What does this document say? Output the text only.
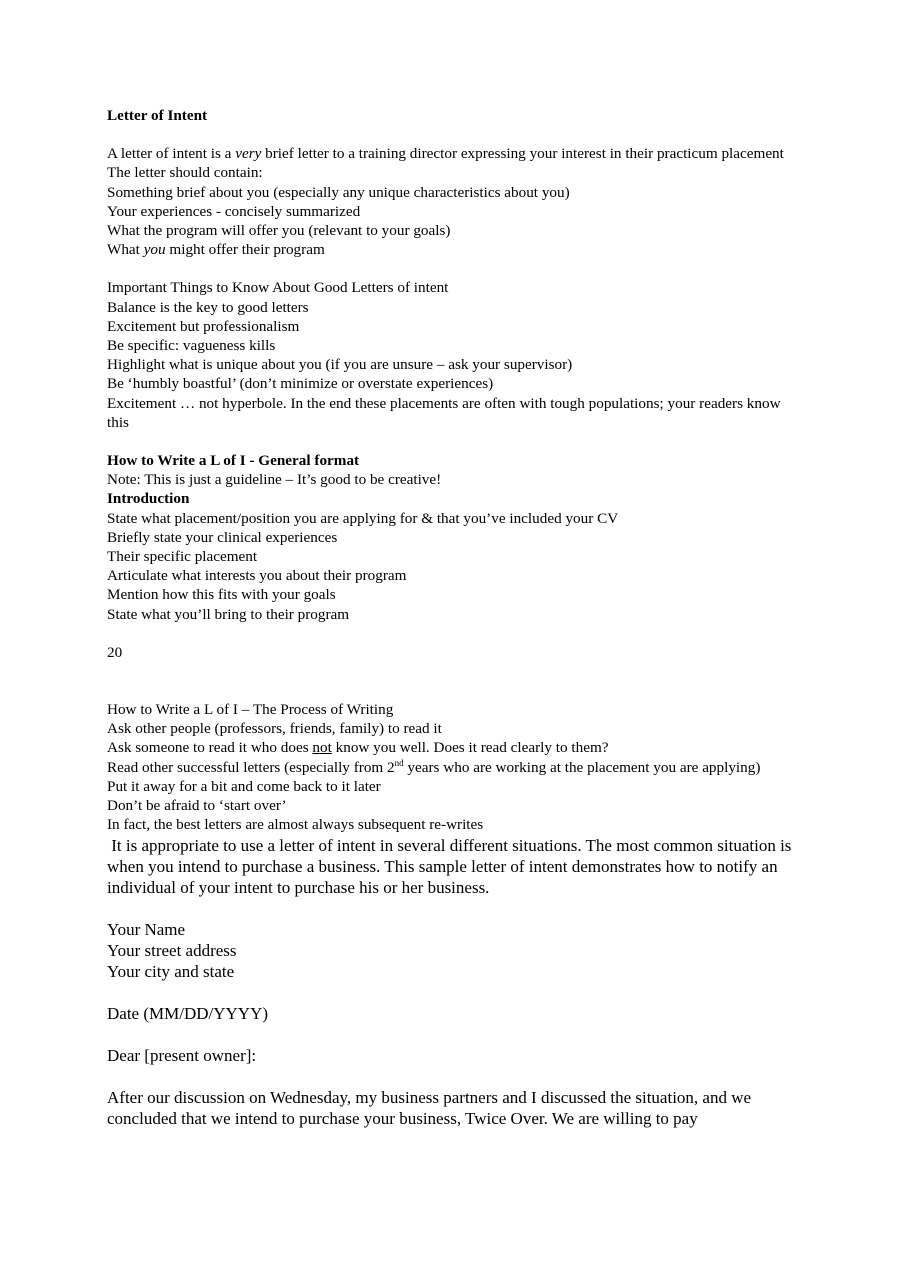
Letter of Intent

A letter of intent is a very brief letter to a training director expressing your interest in their practicum placement

The letter should contain:

Something brief about you (especially any unique characteristics about you)

Your experiences - concisely summarized

What the program will offer you (relevant to your goals)

What you might offer their program

Important Things to Know About Good Letters of intent

Balance is the key to good letters

Excitement but professionalism

Be specific: vagueness kills

Highlight what is unique about you (if you are unsure – ask your supervisor)

Be ‘humbly boastful’ (don’t minimize or overstate experiences)

Excitement … not hyperbole. In the end these placements are often with tough populations; your readers know this

How to Write a L of I - General format

Note: This is just a guideline – It’s good to be creative!

Introduction

State what placement/position you are applying for & that you’ve included your CV

Briefly state your clinical experiences

Their specific placement

Articulate what interests you about their program

Mention how this fits with your goals

State what you’ll bring to their program

20

How to Write a L of I – The Process of Writing

Ask other people (professors, friends, family) to read it

Ask someone to read it who does not know you well. Does it read clearly to them?

Read other successful letters (especially from 2nd years who are working at the placement you are applying)

Put it away for a bit and come back to it later

Don’t be afraid to ‘start over’

In fact, the best letters are almost always subsequent re-writes

It is appropriate to use a letter of intent in several different situations. The most common situation is when you intend to purchase a business. This sample letter of intent demonstrates how to notify an individual of your intent to purchase his or her business.

Your Name

Your street address

Your city and state

Date (MM/DD/YYYY)

Dear [present owner]:

After our discussion on Wednesday, my business partners and I discussed the situation, and we concluded that we intend to purchase your business, Twice Over. We are willing to pay
